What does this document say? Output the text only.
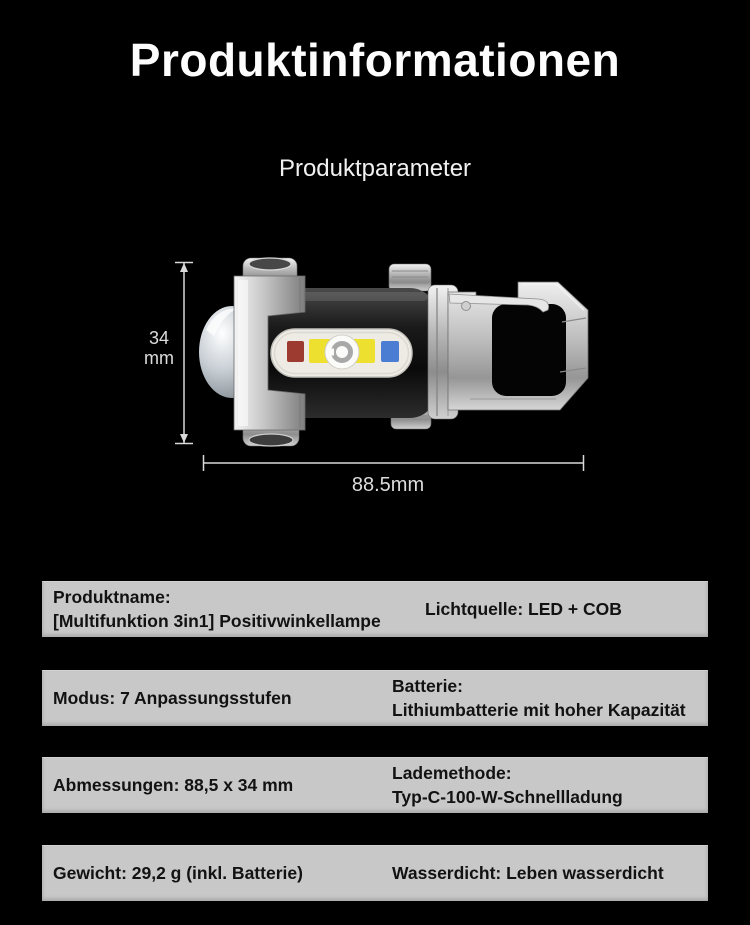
Produktinformationen
Produktparameter
34
mm
88.5mm
Produktname:
[Multifunktion 3in1] Positivwinkellampe
Lichtquelle: LED + COB
Modus: 7 Anpassungsstufen
Batterie:
Lithiumbatterie mit hoher Kapazität
Abmessungen: 88,5 x 34 mm
Lademethode:
Typ-C-100-W-Schnellladung
Gewicht: 29,2 g (inkl. Batterie)	Wasserdicht: Leben wasserdicht
